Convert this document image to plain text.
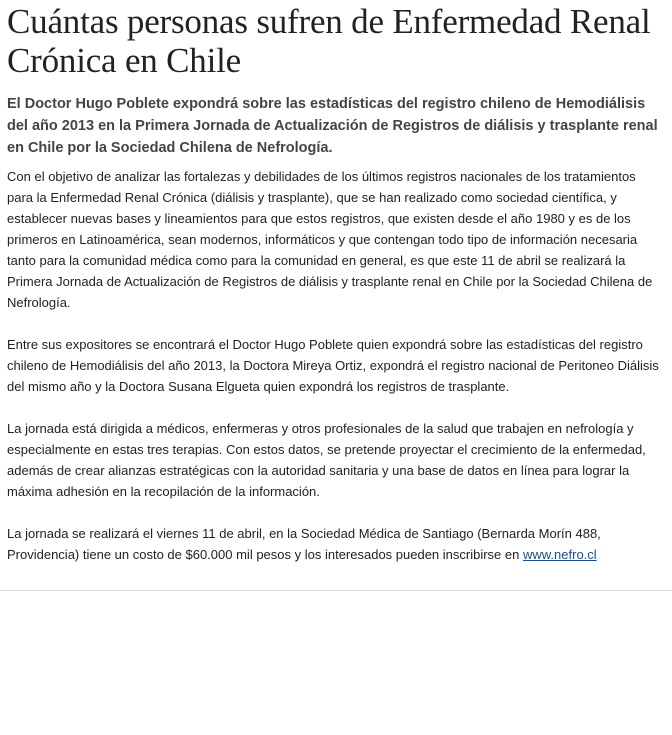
Cuántas personas sufren de Enfermedad Renal Crónica en Chile

El Doctor Hugo Poblete expondrá sobre las estadísticas del registro chileno de Hemodiálisis del año 2013 en la Primera Jornada de Actualización de Registros de diálisis y trasplante renal en Chile por la Sociedad Chilena de Nefrología.

Con el objetivo de analizar las fortalezas y debilidades de los últimos registros nacionales de los tratamientos para la Enfermedad Renal Crónica (diálisis y trasplante), que se han realizado como sociedad científica, y establecer nuevas bases y lineamientos para que estos registros, que existen desde el año 1980 y es de los primeros en Latinoamérica, sean modernos, informáticos y que contengan todo tipo de información necesaria tanto para la comunidad médica como para la comunidad en general, es que este 11 de abril se realizará la Primera Jornada de Actualización de Registros de diálisis y trasplante renal en Chile por la Sociedad Chilena de Nefrología.

Entre sus expositores se encontrará el Doctor Hugo Poblete quien expondrá sobre las estadísticas del registro chileno de Hemodiálisis del año 2013, la Doctora Mireya Ortiz, expondrá el registro nacional de Peritoneo Diálisis del mismo año y la Doctora Susana Elgueta quien expondrá los registros de trasplante.

La jornada está dirigida a médicos, enfermeras y otros profesionales de la salud que trabajen en nefrología y especialmente en estas tres terapias. Con estos datos, se pretende proyectar el crecimiento de la enfermedad, además de crear alianzas estratégicas con la autoridad sanitaria y una base de datos en línea para lograr la máxima adhesión en la recopilación de la información.

La jornada se realizará el viernes 11 de abril, en la Sociedad Médica de Santiago (Bernarda Morín 488, Providencia) tiene un costo de $60.000 mil pesos y los interesados pueden inscribirse en www.nefro.cl
